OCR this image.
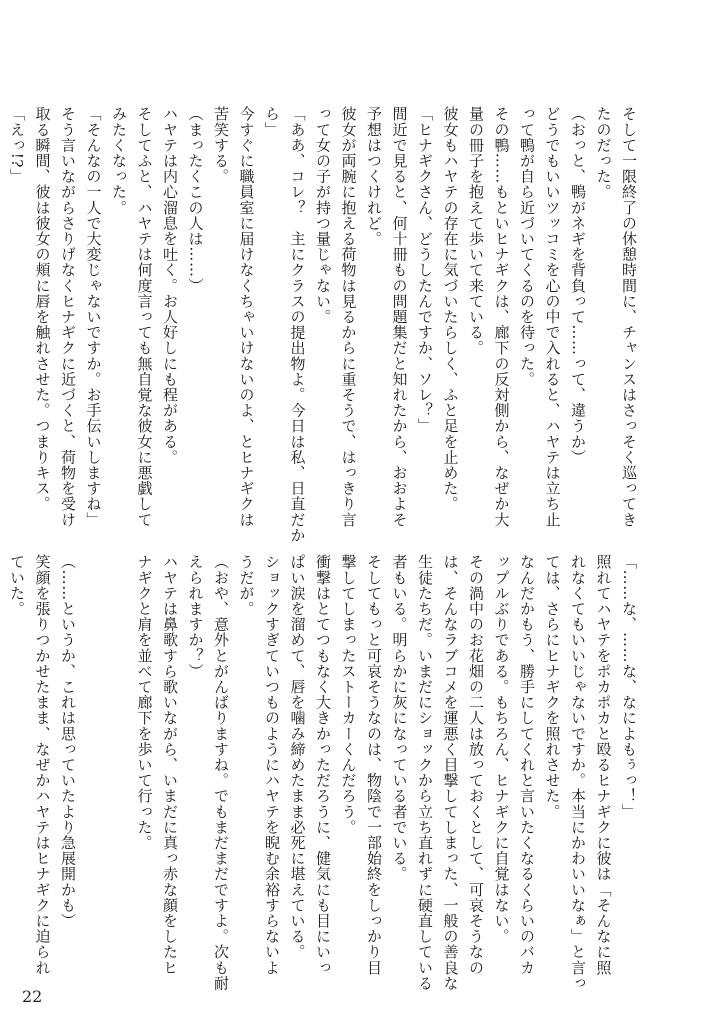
そして一限終了の休憩時間に、チャンスはさっそく巡ってき
たのだった。
（おっと、鴨がネギを背負って……って、違うか）
どうでもいいツッコミを心の中で入れると、ハヤテは立ち止
って鴨が自ら近づいてくるのを待った。
その鴨……もといヒナギクは、廊下の反対側から、なぜか大
量の冊子を抱えて歩いて来ている。
彼女もハヤテの存在に気づいたらしく、ふと足を止めた。
「ヒナギクさん、どうしたんですか、ソレ？」
間近で見ると、何十冊もの問題集だと知れたから、おおよそ
予想はつくけれど。
彼女が両腕に抱える荷物は見るからに重そうで、はっきり言
って女の子が持つ量じゃない。
「ああ、コレ？　主にクラスの提出物よ。今日は私、日直だか
ら」
今すぐに職員室に届けなくちゃいけないのよ、とヒナギクは
苦笑する。
（まったくこの人は……）
ハヤテは内心溜息を吐く。お人好しにも程がある。
そしてふと、ハヤテは何度言っても無自覚な彼女に悪戯して
みたくなった。
「そんなの一人で大変じゃないですか。お手伝いしますね」
そう言いながらさりげなくヒナギクに近づくと、荷物を受け
取る瞬間、彼は彼女の頬に唇を触れさせた。つまりキス。
「えっ!?」
「……な、……な、なによもぅっ！」
照れてハヤテをポカポカと殴るヒナギクに彼は「そんなに照
れなくてもいいじゃないですか。本当にかわいいなぁ」と言っ
ては、さらにヒナギクを照れさせた。
なんだかもう、勝手にしてくれと言いたくなるくらいのバカ
ップルぶりである。もちろん、ヒナギクに自覚はない。
その渦中のお花畑の二人は放っておくとして、可哀そうなの
は、そんなラブコメを運悪く目撃してしまった、一般の善良な
生徒たちだ。いまだにショックから立ち直れずに硬直している
者もいる。明らかに灰になっている者でいる。
そしてもっと可哀そうなのは、物陰で一部始終をしっかり目
撃してしまったストーカーくんだろう。
衝撃はとてつもなく大きかっただろうに、健気にも目にいっ
ぱい涙を溜めて、唇を噛み締めたまま必死に堪えている。
ショックすぎていつものようにハヤテを睨む余裕すらないよ
うだが。
（おや、意外とがんばりますね。でもまだまだですよ。次も耐
えられますか？）
ハヤテは鼻歌すら歌いながら、いまだに真っ赤な顔をしたヒ
ナギクと肩を並べて廊下を歩いて行った。
（……というか、これは思っていたより急展開かも）
笑顔を張りつかせたまま、なぜかハヤテはヒナギクに迫られ
ていた。
22
